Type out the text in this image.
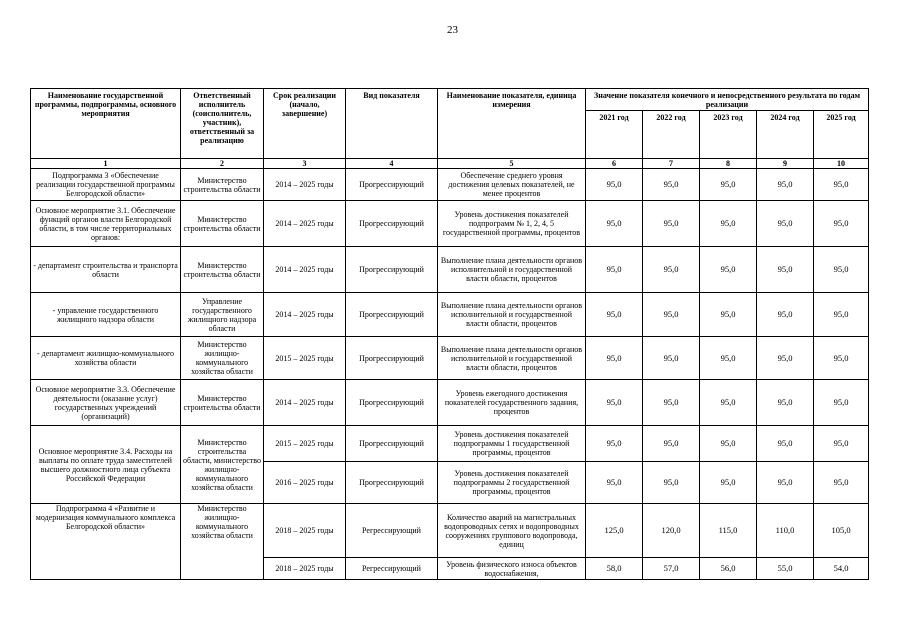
23
Наименование государственной программы, подпрограммы, основного мероприятия	Ответственный исполнитель (соисполнитель, участник), ответственный за реализацию	Срок реализации (начало, завершение)	Вид показателя	Наименование показателя, единица измерения	Значение показателя конечного и непосредственного результата по годам реализации				
					2021 год	2022 год	2023 год	2024 год	2025 год
1	2	3	4	5	6	7	8	9	10
Подпрограмма 3 «Обеспечение реализации государственной программы Белгородской области»	Министерство строительства области	2014 – 2025 годы	Прогрессирующий	Обеспечение среднего уровня достижения целевых показателей, не менее процентов	95,0	95,0	95,0	95,0	95,0
Основное мероприятие 3.1. Обеспечение функций органов власти Белгородской области, в том числе территориальных органов:	Министерство строительства области	2014 – 2025 годы	Прогрессирующий	Уровень достижения показателей подпрограмм № 1, 2, 4, 5 государственной программы, процентов	95,0	95,0	95,0	95,0	95,0
- департамент строительства и транспорта области	Министерство строительства области	2014 – 2025 годы	Прогрессирующий	Выполнение плана деятельности органов исполнительной и государственной власти области, процентов	95,0	95,0	95,0	95,0	95,0
- управление государственного жилищного надзора области	Управление государственного жилищного надзора области	2014 – 2025 годы	Прогрессирующий	Выполнение плана деятельности органов исполнительной и государственной власти области, процентов	95,0	95,0	95,0	95,0	95,0
- департамент жилищно-коммунального хозяйства области	Министерство жилищно-коммунального хозяйства области	2015 – 2025 годы	Прогрессирующий	Выполнение плана деятельности органов исполнительной и государственной власти области, процентов	95,0	95,0	95,0	95,0	95,0
Основное мероприятие 3.3. Обеспечение деятельности (оказание услуг) государственных учреждений (организаций)	Министерство строительства области	2014 – 2025 годы	Прогрессирующий	Уровень ежегодного достижения показателей государственного задания, процентов	95,0	95,0	95,0	95,0	95,0
Основное мероприятие 3.4. Расходы на выплаты по оплате труда заместителей высшего должностного лица субъекта Российской Федерации	Министерство строительства области, министерство жилищно-коммунального хозяйства области	2015 – 2025 годы	Прогрессирующий	Уровень достижения показателей подпрограммы 1 государственной программы, процентов	95,0	95,0	95,0	95,0	95,0
		2016 – 2025 годы	Прогрессирующий	Уровень достижения показателей подпрограммы 2 государственной программы, процентов	95,0	95,0	95,0	95,0	95,0
Подпрограмма 4 «Развитие и модернизация коммунального комплекса Белгородской области»	Министерство жилищно-коммунального хозяйства области	2018 – 2025 годы	Регрессирующий	Количество аварий на магистральных водопроводных сетях и водопроводных сооружениях группового водопровода, единиц	125,0	120,0	115,0	110,0	105,0
		2018 – 2025 годы	Регрессирующий	Уровень физического износа объектов водоснабжения,	58,0	57,0	56,0	55,0	54,0
